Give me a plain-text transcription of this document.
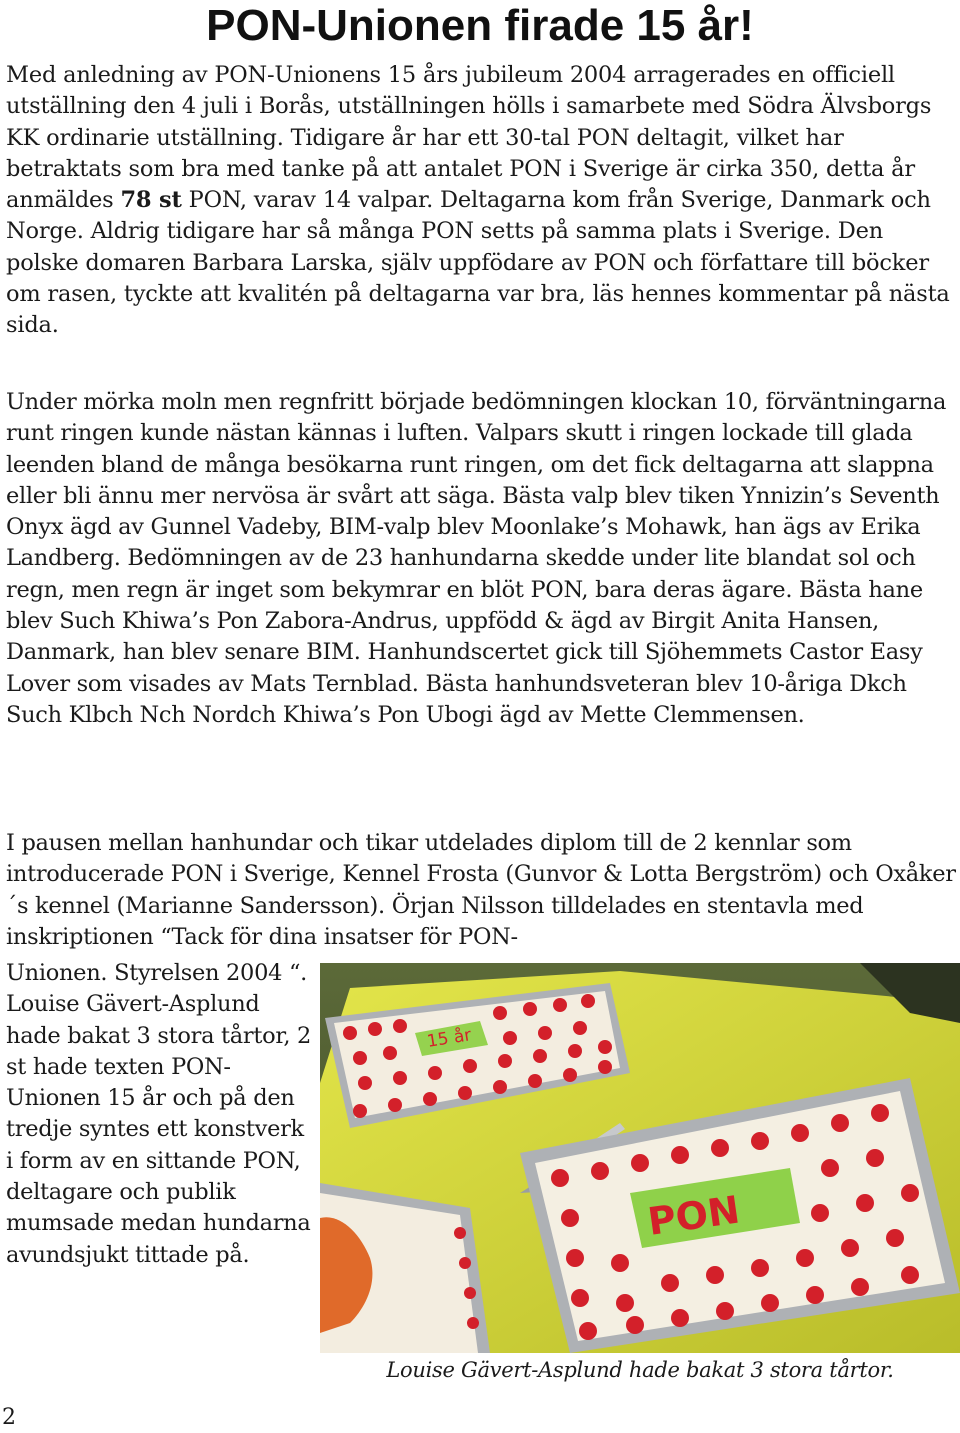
PON-Unionen firade 15 år!

Med anledning av PON-Unionens 15 års jubileum 2004 arragerades en officiell utställning den 4 juli i Borås, utställningen hölls i samarbete med Södra Älvsborgs KK ordinarie utställning. Tidigare år har ett 30-tal PON deltagit, vilket har betraktats som bra med tanke på att antalet PON i Sverige är cirka 350, detta år anmäldes 78 st PON, varav 14 valpar. Deltagarna kom från Sverige, Danmark och Norge. Aldrig tidigare har så många PON setts på samma plats i Sverige. Den polske domaren Barbara Larska, själv uppfödare av PON och författare till böcker om rasen, tyckte att kvalitén på deltagarna var bra, läs hennes kommentar på nästa sida.

Under mörka moln men regnfritt började bedömningen klockan 10, förväntningarna runt ringen kunde nästan kännas i luften. Valpars skutt i ringen lockade till glada leenden bland de många besökarna runt ringen, om det fick deltagarna att slappna eller bli ännu mer nervösa är svårt att säga. Bästa valp blev tiken Ynnizin’s Seventh Onyx ägd av Gunnel Vadeby, BIM-valp blev Moonlake’s Mohawk, han ägs av Erika Landberg. Bedömningen av de 23 hanhundarna skedde under lite blandat sol och regn, men regn är inget som bekymrar en blöt PON, bara deras ägare. Bästa hane blev Such Khiwa’s Pon Zabora-Andrus, uppfödd & ägd av Birgit Anita Hansen, Danmark, han blev senare BIM. Hanhundscertet gick till Sjöhemmets Castor Easy Lover som visades av Mats Ternblad. Bästa hanhundsveteran blev 10-åriga Dkch Such Klbch Nch Nordch Khiwa’s Pon Ubogi ägd av Mette Clemmensen.

I pausen mellan hanhundar och tikar utdelades diplom till de 2 kennlar som introducerade PON i Sverige, Kennel Frosta (Gunvor & Lotta Bergström) och Oxåker´s kennel (Marianne Sandersson). Örjan Nilsson tilldelades en stentavla med inskriptionen “Tack för dina insatser för PON-

Unionen. Styrelsen 2004 “. Louise Gävert-Asplund hade bakat 3 stora tårtor, 2 st hade texten PON-Unionen 15 år och på den tredje syntes ett konstverk i form av en sittande PON, deltagare och publik mumsade medan hundarna avundsjukt tittade på.
15 år
PON
Louise Gävert-Asplund hade bakat 3 stora tårtor.
2
